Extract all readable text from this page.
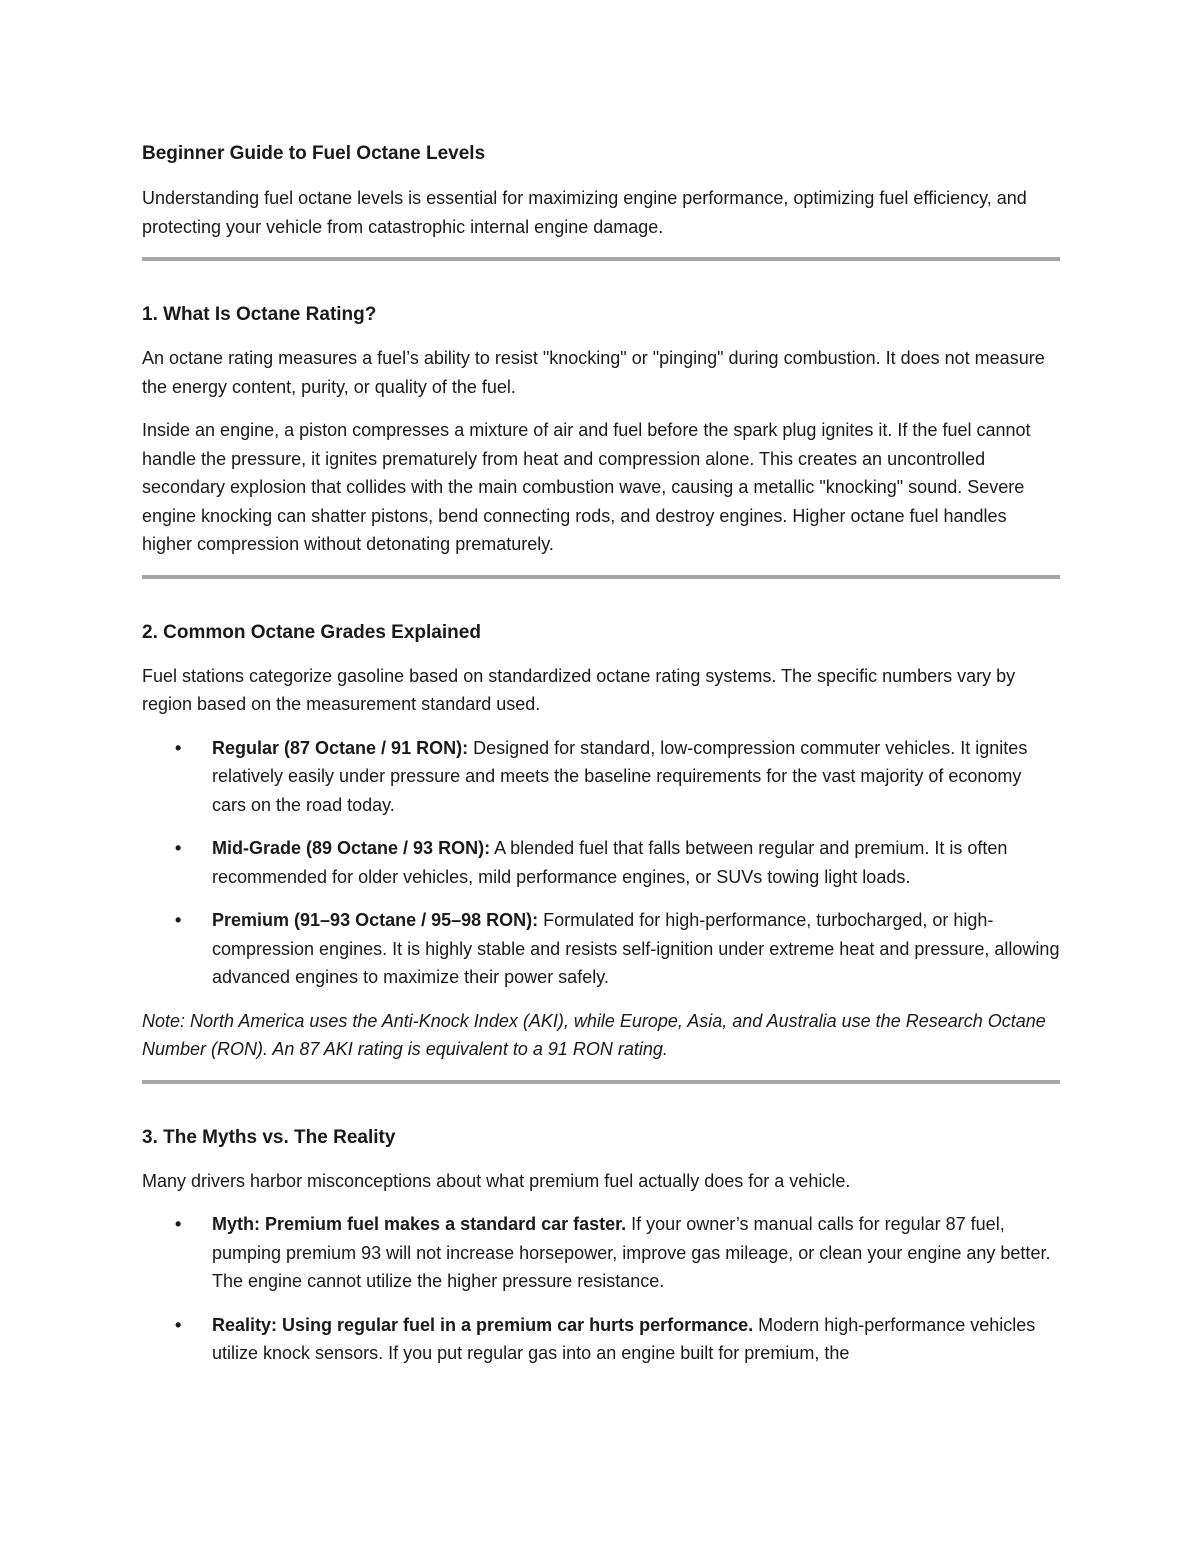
Beginner Guide to Fuel Octane Levels

Understanding fuel octane levels is essential for maximizing engine performance, optimizing fuel efficiency, and protecting your vehicle from catastrophic internal engine damage.

1. What Is Octane Rating?

An octane rating measures a fuel’s ability to resist "knocking" or "pinging" during combustion. It does not measure the energy content, purity, or quality of the fuel.

Inside an engine, a piston compresses a mixture of air and fuel before the spark plug ignites it. If the fuel cannot handle the pressure, it ignites prematurely from heat and compression alone. This creates an uncontrolled secondary explosion that collides with the main combustion wave, causing a metallic "knocking" sound. Severe engine knocking can shatter pistons, bend connecting rods, and destroy engines. Higher octane fuel handles higher compression without detonating prematurely.

2. Common Octane Grades Explained

Fuel stations categorize gasoline based on standardized octane rating systems. The specific numbers vary by region based on the measurement standard used.

• Regular (87 Octane / 91 RON): Designed for standard, low-compression commuter vehicles. It ignites relatively easily under pressure and meets the baseline requirements for the vast majority of economy cars on the road today.
• Mid-Grade (89 Octane / 93 RON): A blended fuel that falls between regular and premium. It is often recommended for older vehicles, mild performance engines, or SUVs towing light loads.
• Premium (91–93 Octane / 95–98 RON): Formulated for high-performance, turbocharged, or high-compression engines. It is highly stable and resists self-ignition under extreme heat and pressure, allowing advanced engines to maximize their power safely.

Note: North America uses the Anti-Knock Index (AKI), while Europe, Asia, and Australia use the Research Octane Number (RON). An 87 AKI rating is equivalent to a 91 RON rating.

3. The Myths vs. The Reality

Many drivers harbor misconceptions about what premium fuel actually does for a vehicle.

• Myth: Premium fuel makes a standard car faster. If your owner’s manual calls for regular 87 fuel, pumping premium 93 will not increase horsepower, improve gas mileage, or clean your engine any better. The engine cannot utilize the higher pressure resistance.
• Reality: Using regular fuel in a premium car hurts performance. Modern high-performance vehicles utilize knock sensors. If you put regular gas into an engine built for premium, the
